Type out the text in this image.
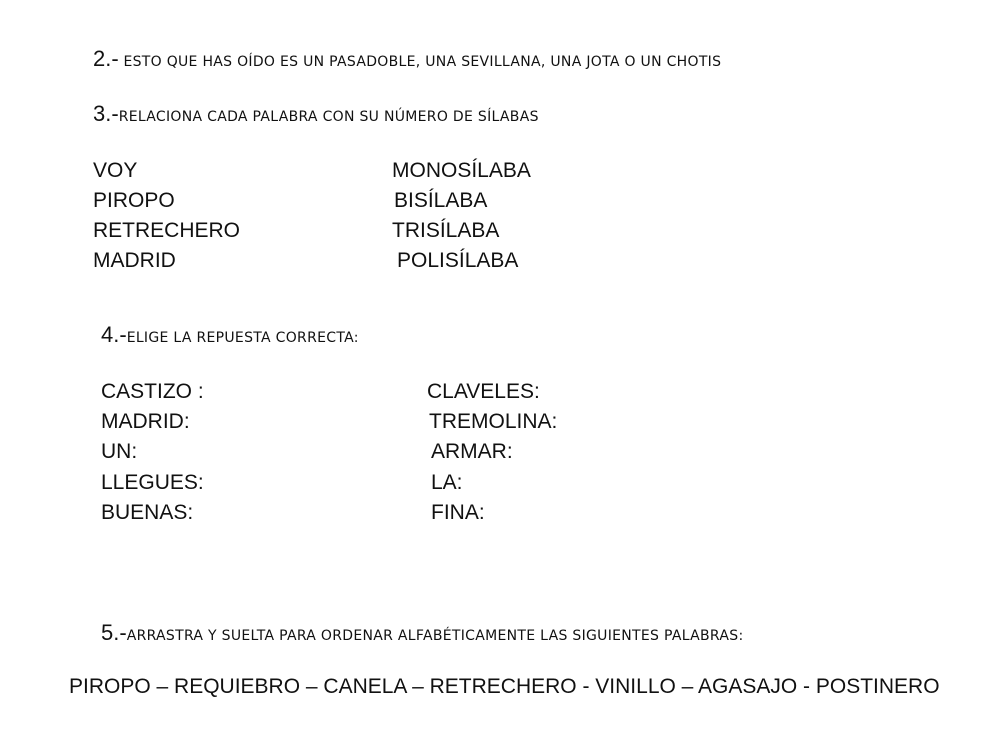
2.- ESTO QUE HAS OÍDO ES UN PASADOBLE, UNA SEVILLANA, UNA JOTA O UN CHOTIS
3.-RELACIONA CADA PALABRA CON SU NÚMERO DE SÍLABAS
VOY
PIROPO
RETRECHERO
MADRID
MONOSÍLABA
BISÍLABA
TRISÍLABA
POLISÍLABA
4.-ELIGE LA REPUESTA CORRECTA:
CASTIZO :
MADRID:
UN:
LLEGUES:
BUENAS:
CLAVELES:
TREMOLINA:
ARMAR:
LA:
FINA:
5.-ARRASTRA Y SUELTA PARA ORDENAR ALFABÉTICAMENTE LAS SIGUIENTES PALABRAS:
PIROPO – REQUIEBRO – CANELA – RETRECHERO - VINILLO – AGASAJO - POSTINERO
